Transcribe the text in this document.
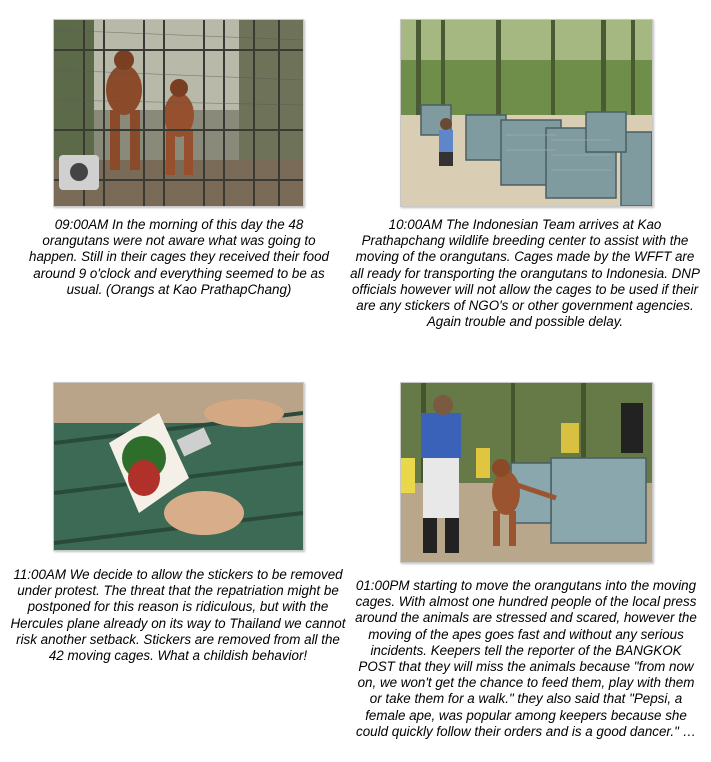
09:00AM In the morning of this day the 48 orangutans were not aware what was going to happen. Still in their cages they received their food around 9 o'clock and everything seemed to be as usual. (Orangs at Kao PrathapChang)

10:00AM The Indonesian Team arrives at Kao Prathapchang wildlife breeding center to assist with the moving of the orangutans. Cages made by the WFFT are all ready for transporting the orangutans to Indonesia. DNP officials however will not allow the cages to be used if their are any stickers of NGO's or other government agencies. Again trouble and possible delay.

11:00AM We decide to allow the stickers to be removed under protest. The threat that the repatriation might be postponed for this reason is ridiculous, but with the Hercules plane already on its way to Thailand we cannot risk another setback. Stickers are removed from all the 42 moving cages. What a childish behavior!

01:00PM starting to move the orangutans into the moving cages. With almost one hundred people of the local press around the animals are stressed and scared, however the moving of the apes goes fast and without any serious incidents. Keepers tell the reporter of the BANGKOK POST that they will miss the animals because "from now on, we won't get the chance to feed them, play with them or take them for a walk." they also said that "Pepsi, a female ape, was popular among keepers because she could quickly follow their orders and is a good dancer." …
